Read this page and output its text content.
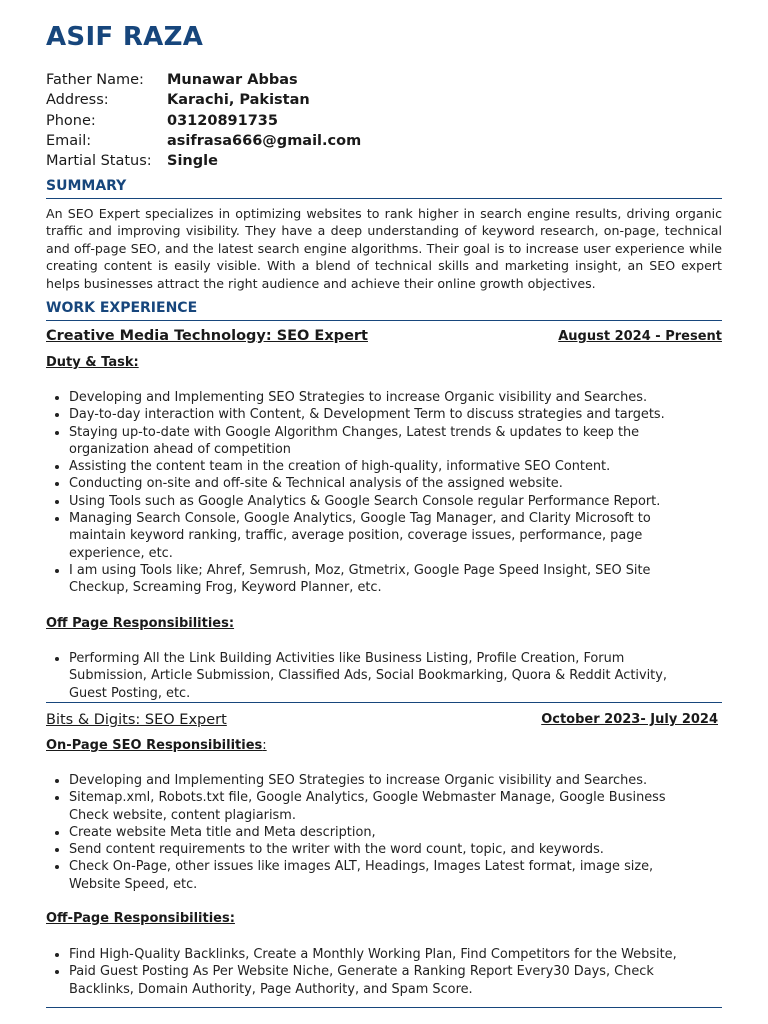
ASIF RAZA
Father Name: Munawar Abbas
Address:	Karachi, Pakistan
Phone:	03120891735
Email:	asifrasa666@gmail.com
Martial Status: Single
SUMMARY
An SEO Expert specializes in optimizing websites to rank higher in search engine results, driving organic traffic and improving visibility. They have a deep understanding of keyword research, on-page, technical and off-page SEO, and the latest search engine algorithms. Their goal is to increase user experience while creating content is easily visible. With a blend of technical skills and marketing insight, an SEO expert helps businesses attract the right audience and achieve their online growth objectives.
WORK EXPERIENCE
Creative Media Technology: SEO Expert	August 2024 - Present
Duty & Task:
• Developing and Implementing SEO Strategies to increase Organic visibility and Searches.
• Day-to-day interaction with Content, & Development Term to discuss strategies and targets.
• Staying up-to-date with Google Algorithm Changes, Latest trends & updates to keep the organization ahead of competition
• Assisting the content team in the creation of high-quality, informative SEO Content.
• Conducting on-site and off-site & Technical analysis of the assigned website.
• Using Tools such as Google Analytics & Google Search Console regular Performance Report.
• Managing Search Console, Google Analytics, Google Tag Manager, and Clarity Microsoft to maintain keyword ranking, traffic, average position, coverage issues, performance, page experience, etc.
• I am using Tools like; Ahref, Semrush, Moz, Gtmetrix, Google Page Speed Insight, SEO Site Checkup, Screaming Frog, Keyword Planner, etc.
Off Page Responsibilities:
• Performing All the Link Building Activities like Business Listing, Profile Creation, Forum Submission, Article Submission, Classified Ads, Social Bookmarking, Quora & Reddit Activity, Guest Posting, etc.
Bits & Digits: SEO Expert	October 2023- July 2024
On-Page SEO Responsibilities:
• Developing and Implementing SEO Strategies to increase Organic visibility and Searches.
• Sitemap.xml, Robots.txt file, Google Analytics, Google Webmaster Manage, Google Business Check website, content plagiarism.
• Create website Meta title and Meta description,
• Send content requirements to the writer with the word count, topic, and keywords.
• Check On-Page, other issues like images ALT, Headings, Images Latest format, image size, Website Speed, etc.
Off-Page Responsibilities:
• Find High-Quality Backlinks, Create a Monthly Working Plan, Find Competitors for the Website,
• Paid Guest Posting As Per Website Niche, Generate a Ranking Report Every30 Days, Check Backlinks, Domain Authority, Page Authority, and Spam Score.
